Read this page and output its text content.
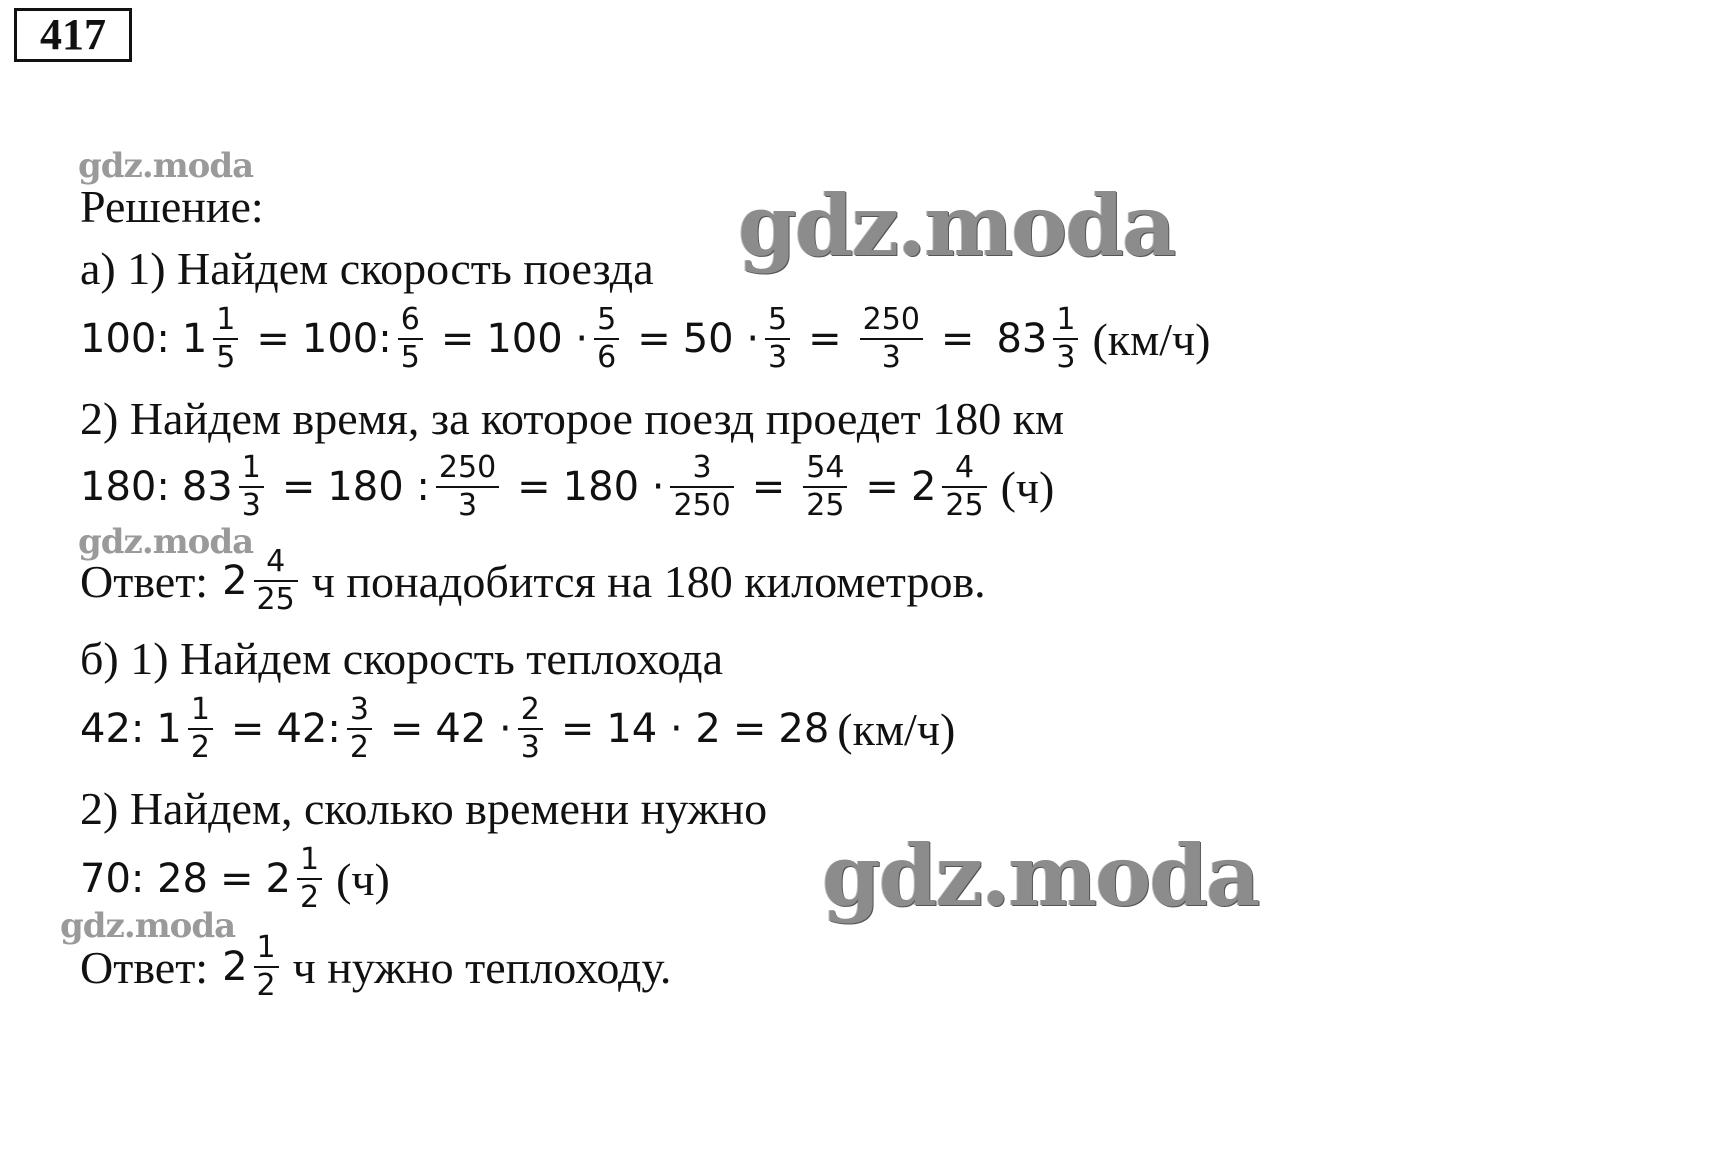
417
gdz.moda
gdz.moda
gdz.moda
gdz.moda
gdz.moda
Решение:
а) 1) Найдем скорость поезда
100: $1 \frac{1}{5} = 100$: $\frac{6}{5} = 100 \cdot \frac{5}{6} = 50 \cdot \frac{5}{3} = \frac{250}{3} = 83 \frac{1}{3} (км/ч)$
2) Найдем время, за которое поезд проедет 180 км
180: $83 \frac{1}{3} = 180$ : $\frac{250}{3} = 180 \cdot \frac{3}{250} = \frac{54}{25} = 2 \frac{4}{25} (ч)$
Ответ: $2 \frac{4}{25}$ ч понадобится на 180 километров.
б) 1) Найдем скорость теплохода
42: $1 \frac{1}{2} = 42$: $\frac{3}{2} = 42 \cdot \frac{2}{3} = 14 \cdot 2 = 28$ (км/ч)
2) Найдем, сколько времени нужно
70: $28 = 2 \frac{1}{2} (ч)$
Ответ: $2 \frac{1}{2}$ ч нужно теплоходу.
